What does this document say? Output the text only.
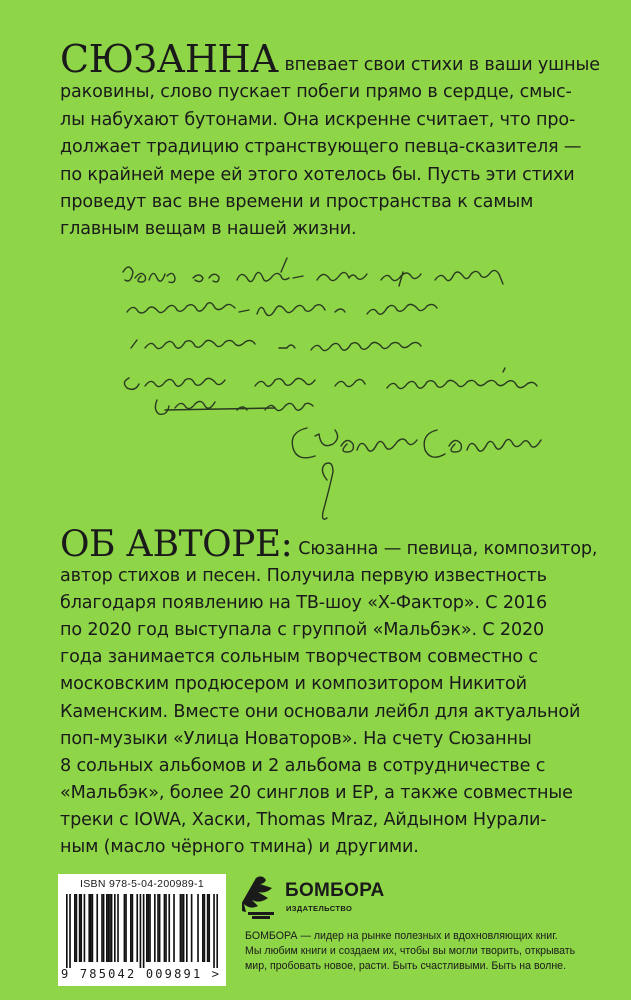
СЮЗАННА впевает свои стихи в ваши ушные
раковины, слово пускает побеги прямо в сердце, смыс-
лы набухают бутонами. Она искренне считает, что про-
должает традицию странствующего певца-сказителя —
по крайней мере ей этого хотелось бы. Пусть эти стихи
проведут вас вне времени и пространства к самым
главным вещам в нашей жизни.
ОБ АВТОРЕ: Сюзанна — певица, композитор,
автор стихов и песен. Получила первую известность
благодаря появлению на ТВ-шоу «Х-Фактор». С 2016
по 2020 год выступала с группой «Мальбэк». С 2020
года занимается сольным творчеством совместно с
московским продюсером и композитором Никитой
Каменским. Вместе они основали лейбл для актуальной
поп-музыки «Улица Новаторов». На счету Сюзанны
8 сольных альбомов и 2 альбома в сотрудничестве с
«Мальбэк», более 20 синглов и EP, а также совместные
треки с IOWA, Хаски, Thomas Mraz, Айдыном Нурали-
ным (масло чёрного тмина) и другими.
ISBN 978-5-04-200989-1
9 785042 009891 >
БОМБОРА
ИЗДАТЕЛЬСТВО
БОМБОРА — лидер на рынке полезных и вдохновляющих книг.
Мы любим книги и создаем их, чтобы вы могли творить, открывать
мир, пробовать новое, расти. Быть счастливыми. Быть на волне.
